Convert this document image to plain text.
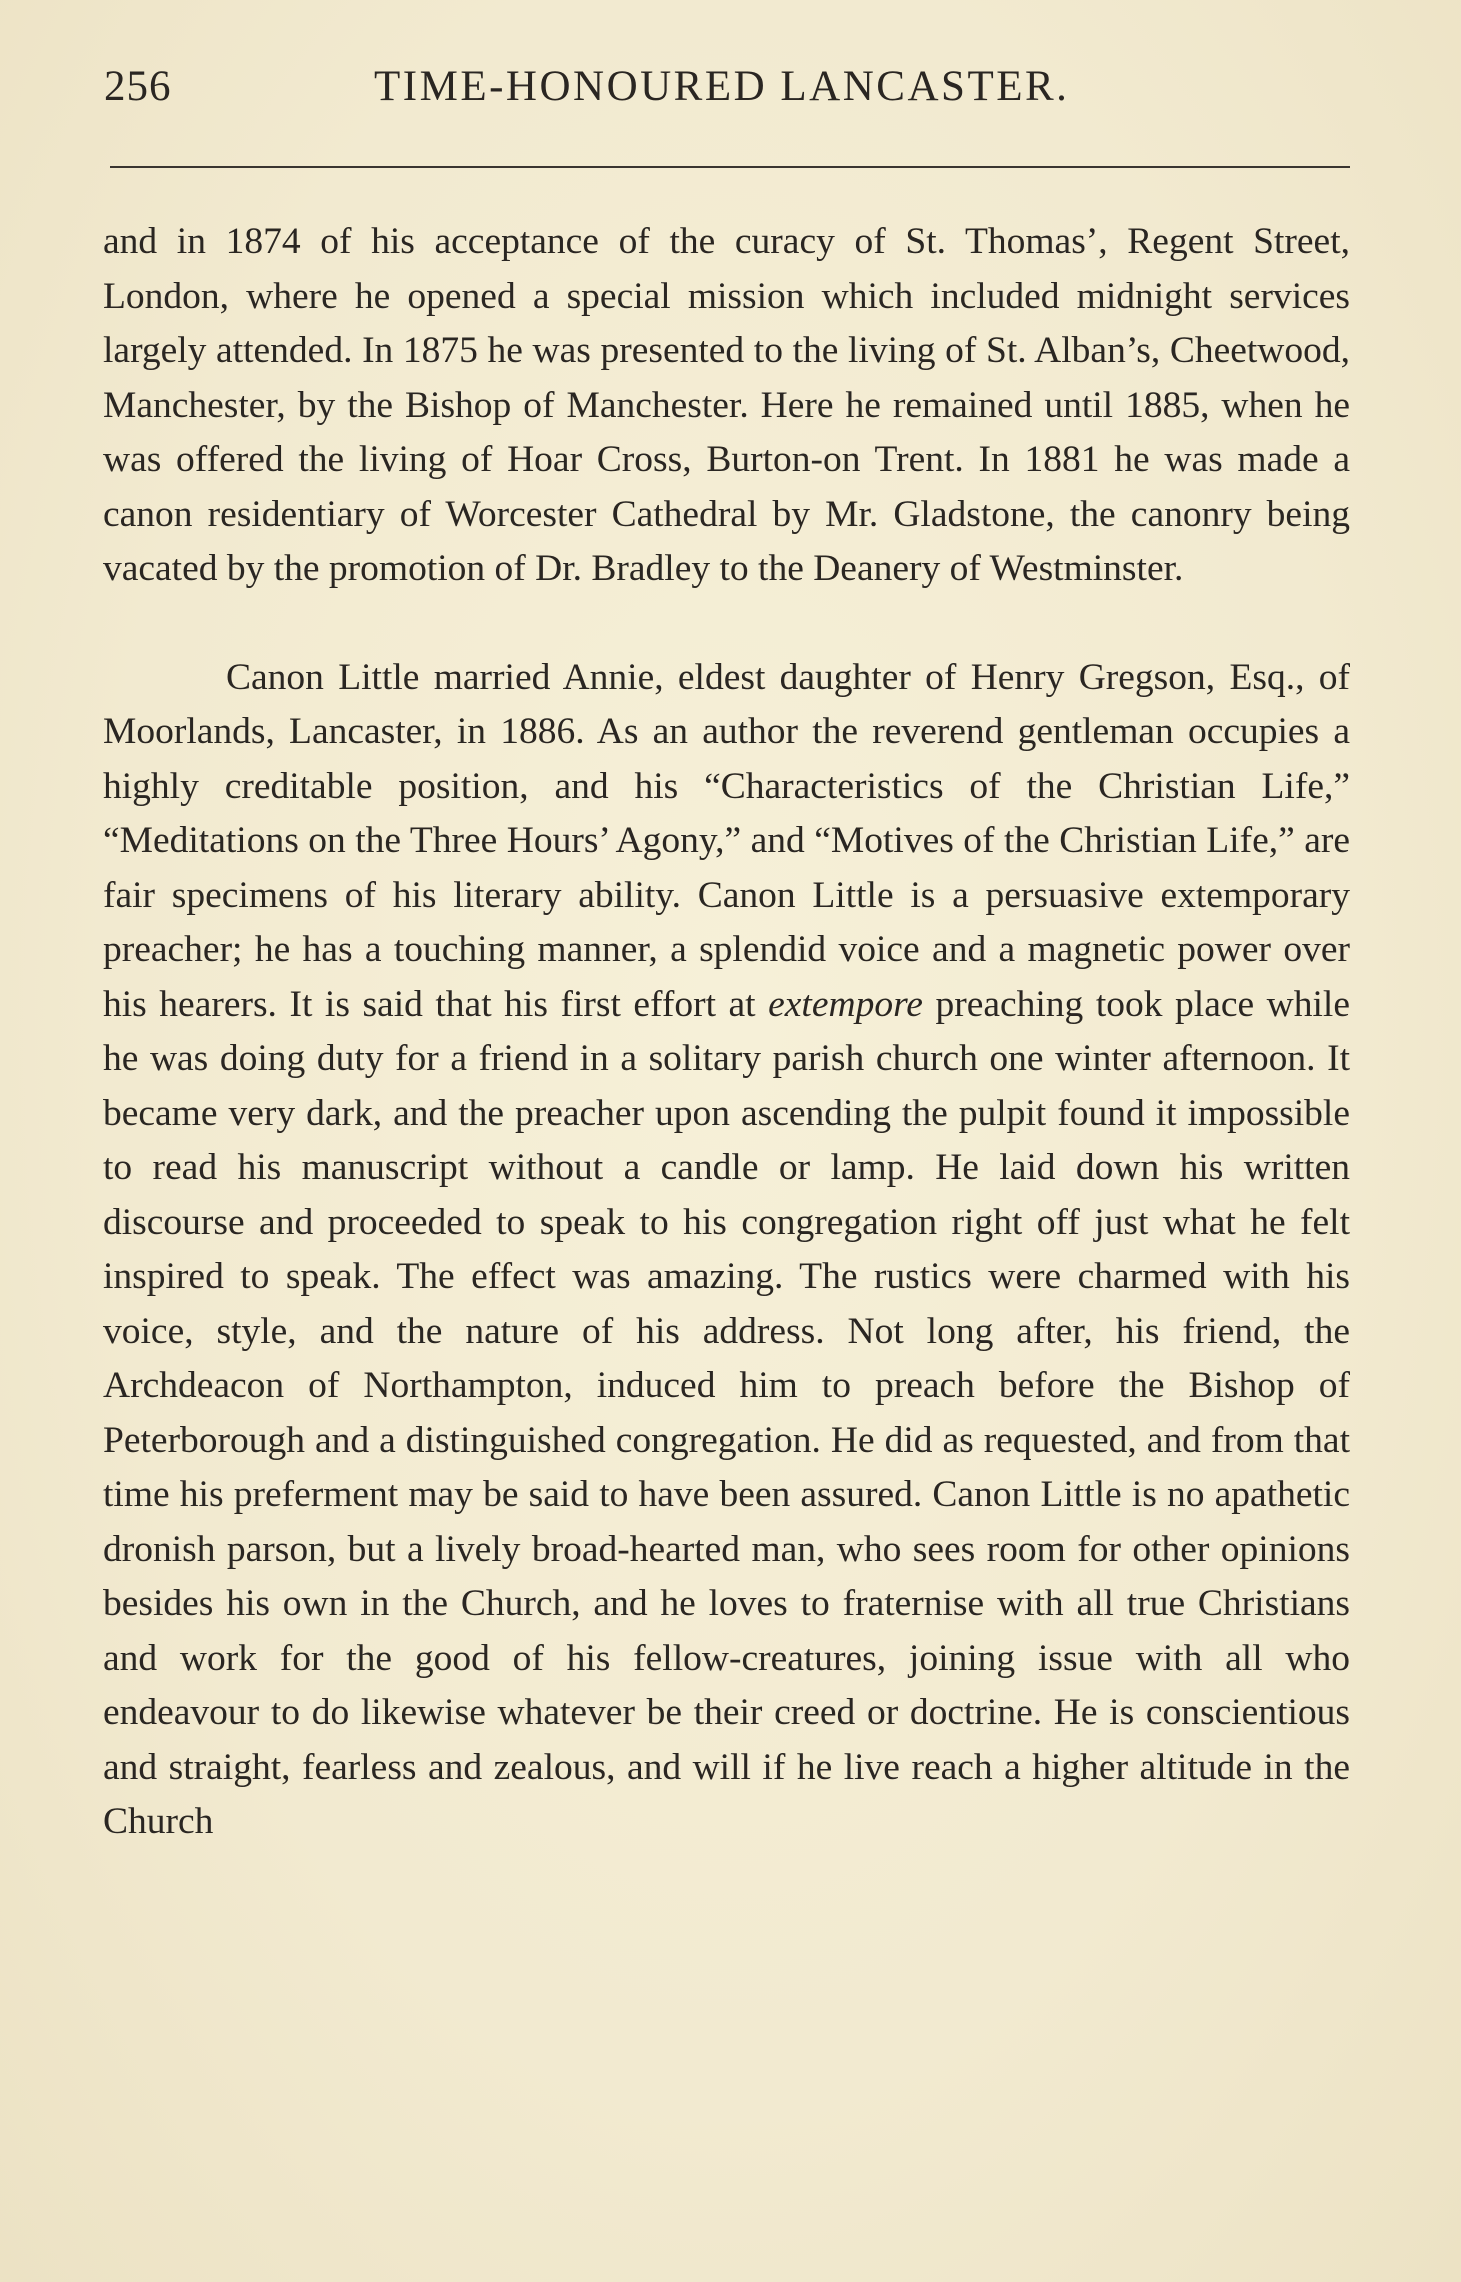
256	TIME-HONOURED LANCASTER.

and in 1874 of his acceptance of the curacy of St. Thomas’, Regent Street, London, where he opened a special mission which included midnight services largely attended. In 1875 he was presented to the living of St. Alban’s, Cheetwood, Manchester, by the Bishop of Manchester. Here he remained until 1885, when he was offered the living of Hoar Cross, Burton-on Trent. In 1881 he was made a canon residentiary of Worcester Cathedral by Mr. Gladstone, the canonry being vacated by the promotion of Dr. Bradley to the Deanery of Westminster.

Canon Little married Annie, eldest daughter of Henry Gregson, Esq., of Moorlands, Lancaster, in 1886. As an author the reverend gentleman occupies a highly creditable position, and his “Characteristics of the Christian Life,” “Meditations on the Three Hours’ Agony,” and “Motives of the Christian Life,” are fair specimens of his literary ability. Canon Little is a persuasive extemporary preacher; he has a touching manner, a splendid voice and a magnetic power over his hearers. It is said that his first effort at extempore preaching took place while he was doing duty for a friend in a solitary parish church one winter afternoon. It became very dark, and the preacher upon ascending the pulpit found it impossible to read his manuscript without a candle or lamp. He laid down his written discourse and proceeded to speak to his congregation right off just what he felt inspired to speak. The effect was amazing. The rustics were charmed with his voice, style, and the nature of his address. Not long after, his friend, the Archdeacon of Northampton, induced him to preach before the Bishop of Peterborough and a distinguished congregation. He did as requested, and from that time his preferment may be said to have been assured. Canon Little is no apathetic dronish parson, but a lively broad-hearted man, who sees room for other opinions besides his own in the Church, and he loves to fraternise with all true Christians and work for the good of his fellow-creatures, joining issue with all who endeavour to do likewise whatever be their creed or doctrine. He is conscientious and straight, fearless and zealous, and will if he live reach a higher altitude in the Church
